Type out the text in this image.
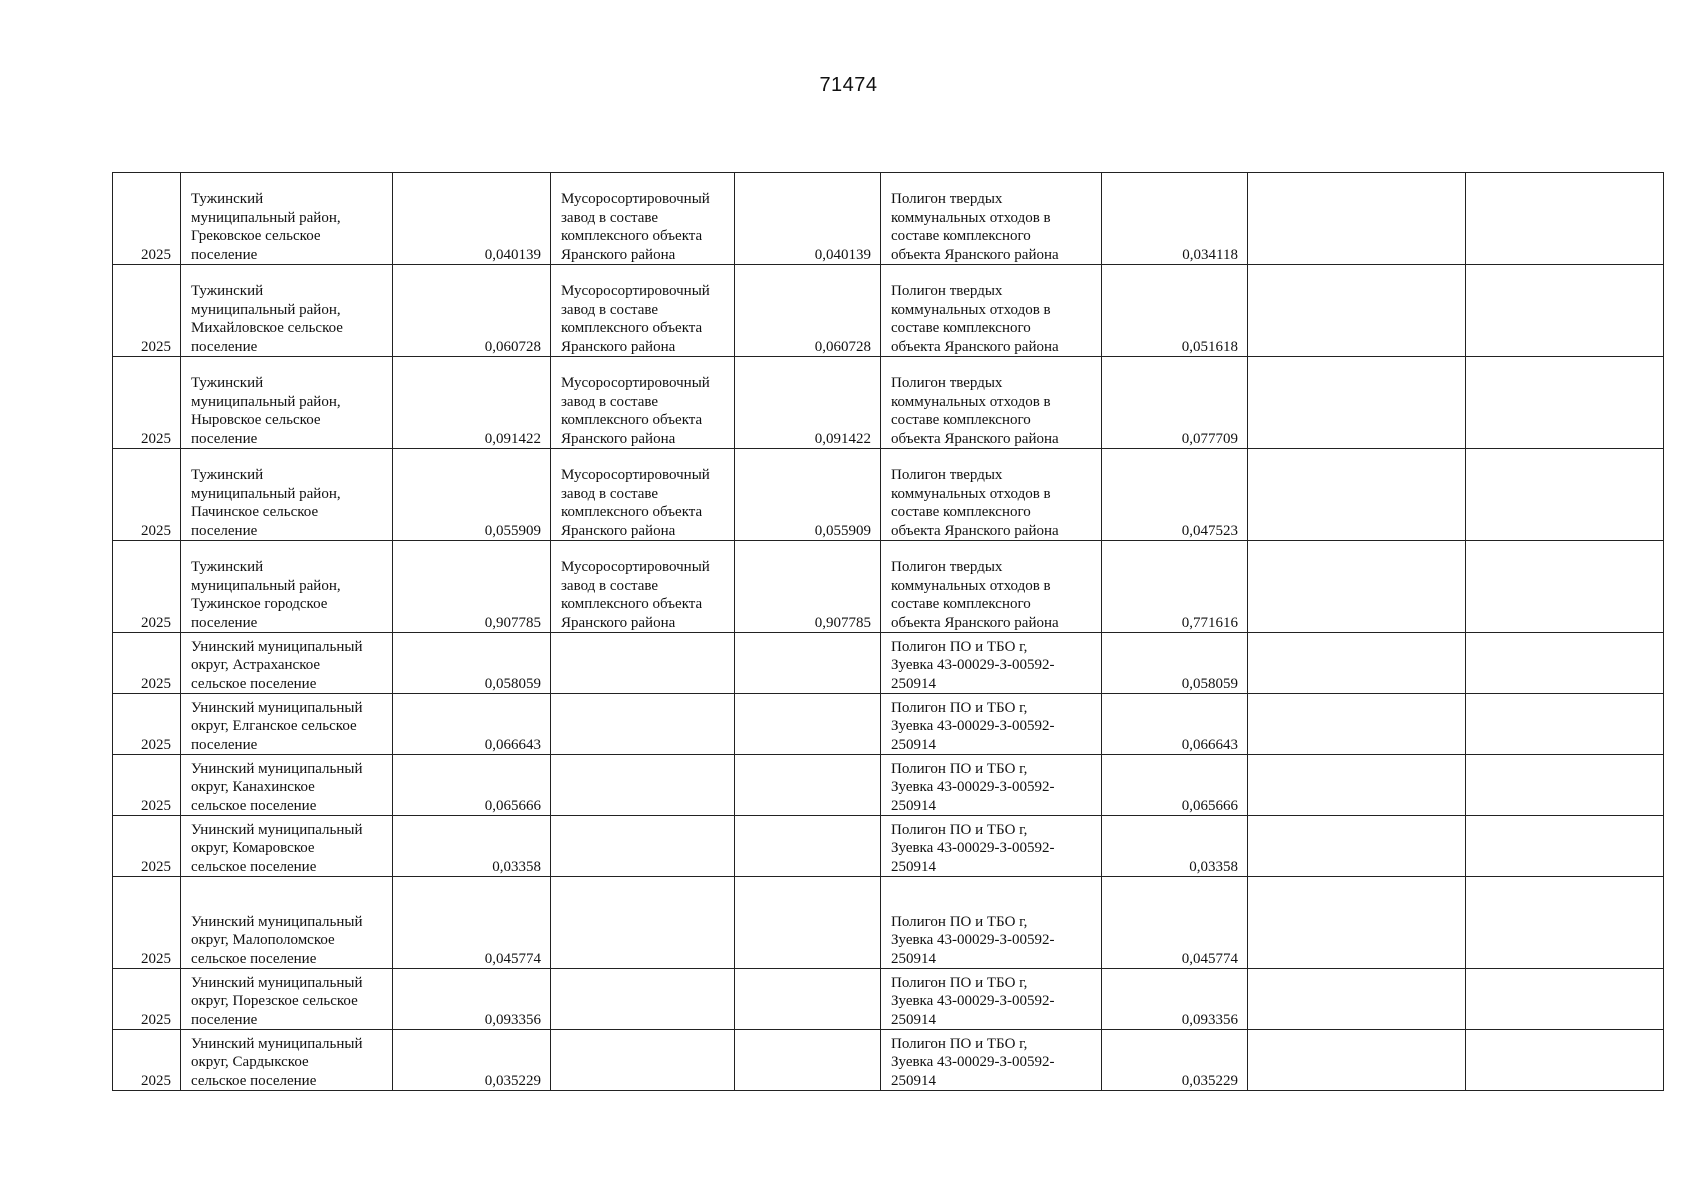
71474
2025	Тужинский
муниципальный район,
Грековское сельское
поселение	0,040139	Мусоросортировочный
завод в составе
комплексного объекта
Яранского района	0,040139	Полигон твердых
коммунальных отходов в
составе комплексного
объекта Яранского района	0,034118		
2025	Тужинский
муниципальный район,
Михайловское сельское
поселение	0,060728	Мусоросортировочный
завод в составе
комплексного объекта
Яранского района	0,060728	Полигон твердых
коммунальных отходов в
составе комплексного
объекта Яранского района	0,051618		
2025	Тужинский
муниципальный район,
Ныровское сельское
поселение	0,091422	Мусоросортировочный
завод в составе
комплексного объекта
Яранского района	0,091422	Полигон твердых
коммунальных отходов в
составе комплексного
объекта Яранского района	0,077709		
2025	Тужинский
муниципальный район,
Пачинское сельское
поселение	0,055909	Мусоросортировочный
завод в составе
комплексного объекта
Яранского района	0,055909	Полигон твердых
коммунальных отходов в
составе комплексного
объекта Яранского района	0,047523		
2025	Тужинский
муниципальный район,
Тужинское городское
поселение	0,907785	Мусоросортировочный
завод в составе
комплексного объекта
Яранского района	0,907785	Полигон твердых
коммунальных отходов в
составе комплексного
объекта Яранского района	0,771616		
2025	Унинский муниципальный
округ, Астраханское
сельское поселение	0,058059			Полигон ПО и ТБО г,
Зуевка 43-00029-З-00592-
250914	0,058059		
2025	Унинский муниципальный
округ, Елганское сельское
поселение	0,066643			Полигон ПО и ТБО г,
Зуевка 43-00029-З-00592-
250914	0,066643		
2025	Унинский муниципальный
округ, Канахинское
сельское поселение	0,065666			Полигон ПО и ТБО г,
Зуевка 43-00029-З-00592-
250914	0,065666		
2025	Унинский муниципальный
округ, Комаровское
сельское поселение	0,03358			Полигон ПО и ТБО г,
Зуевка 43-00029-З-00592-
250914	0,03358		
2025	Унинский муниципальный
округ, Малополомское
сельское поселение	0,045774			Полигон ПО и ТБО г,
Зуевка 43-00029-З-00592-
250914	0,045774		
2025	Унинский муниципальный
округ, Порезское сельское
поселение	0,093356			Полигон ПО и ТБО г,
Зуевка 43-00029-З-00592-
250914	0,093356		
2025	Унинский муниципальный
округ, Сардыкское
сельское поселение	0,035229			Полигон ПО и ТБО г,
Зуевка 43-00029-З-00592-
250914	0,035229		
